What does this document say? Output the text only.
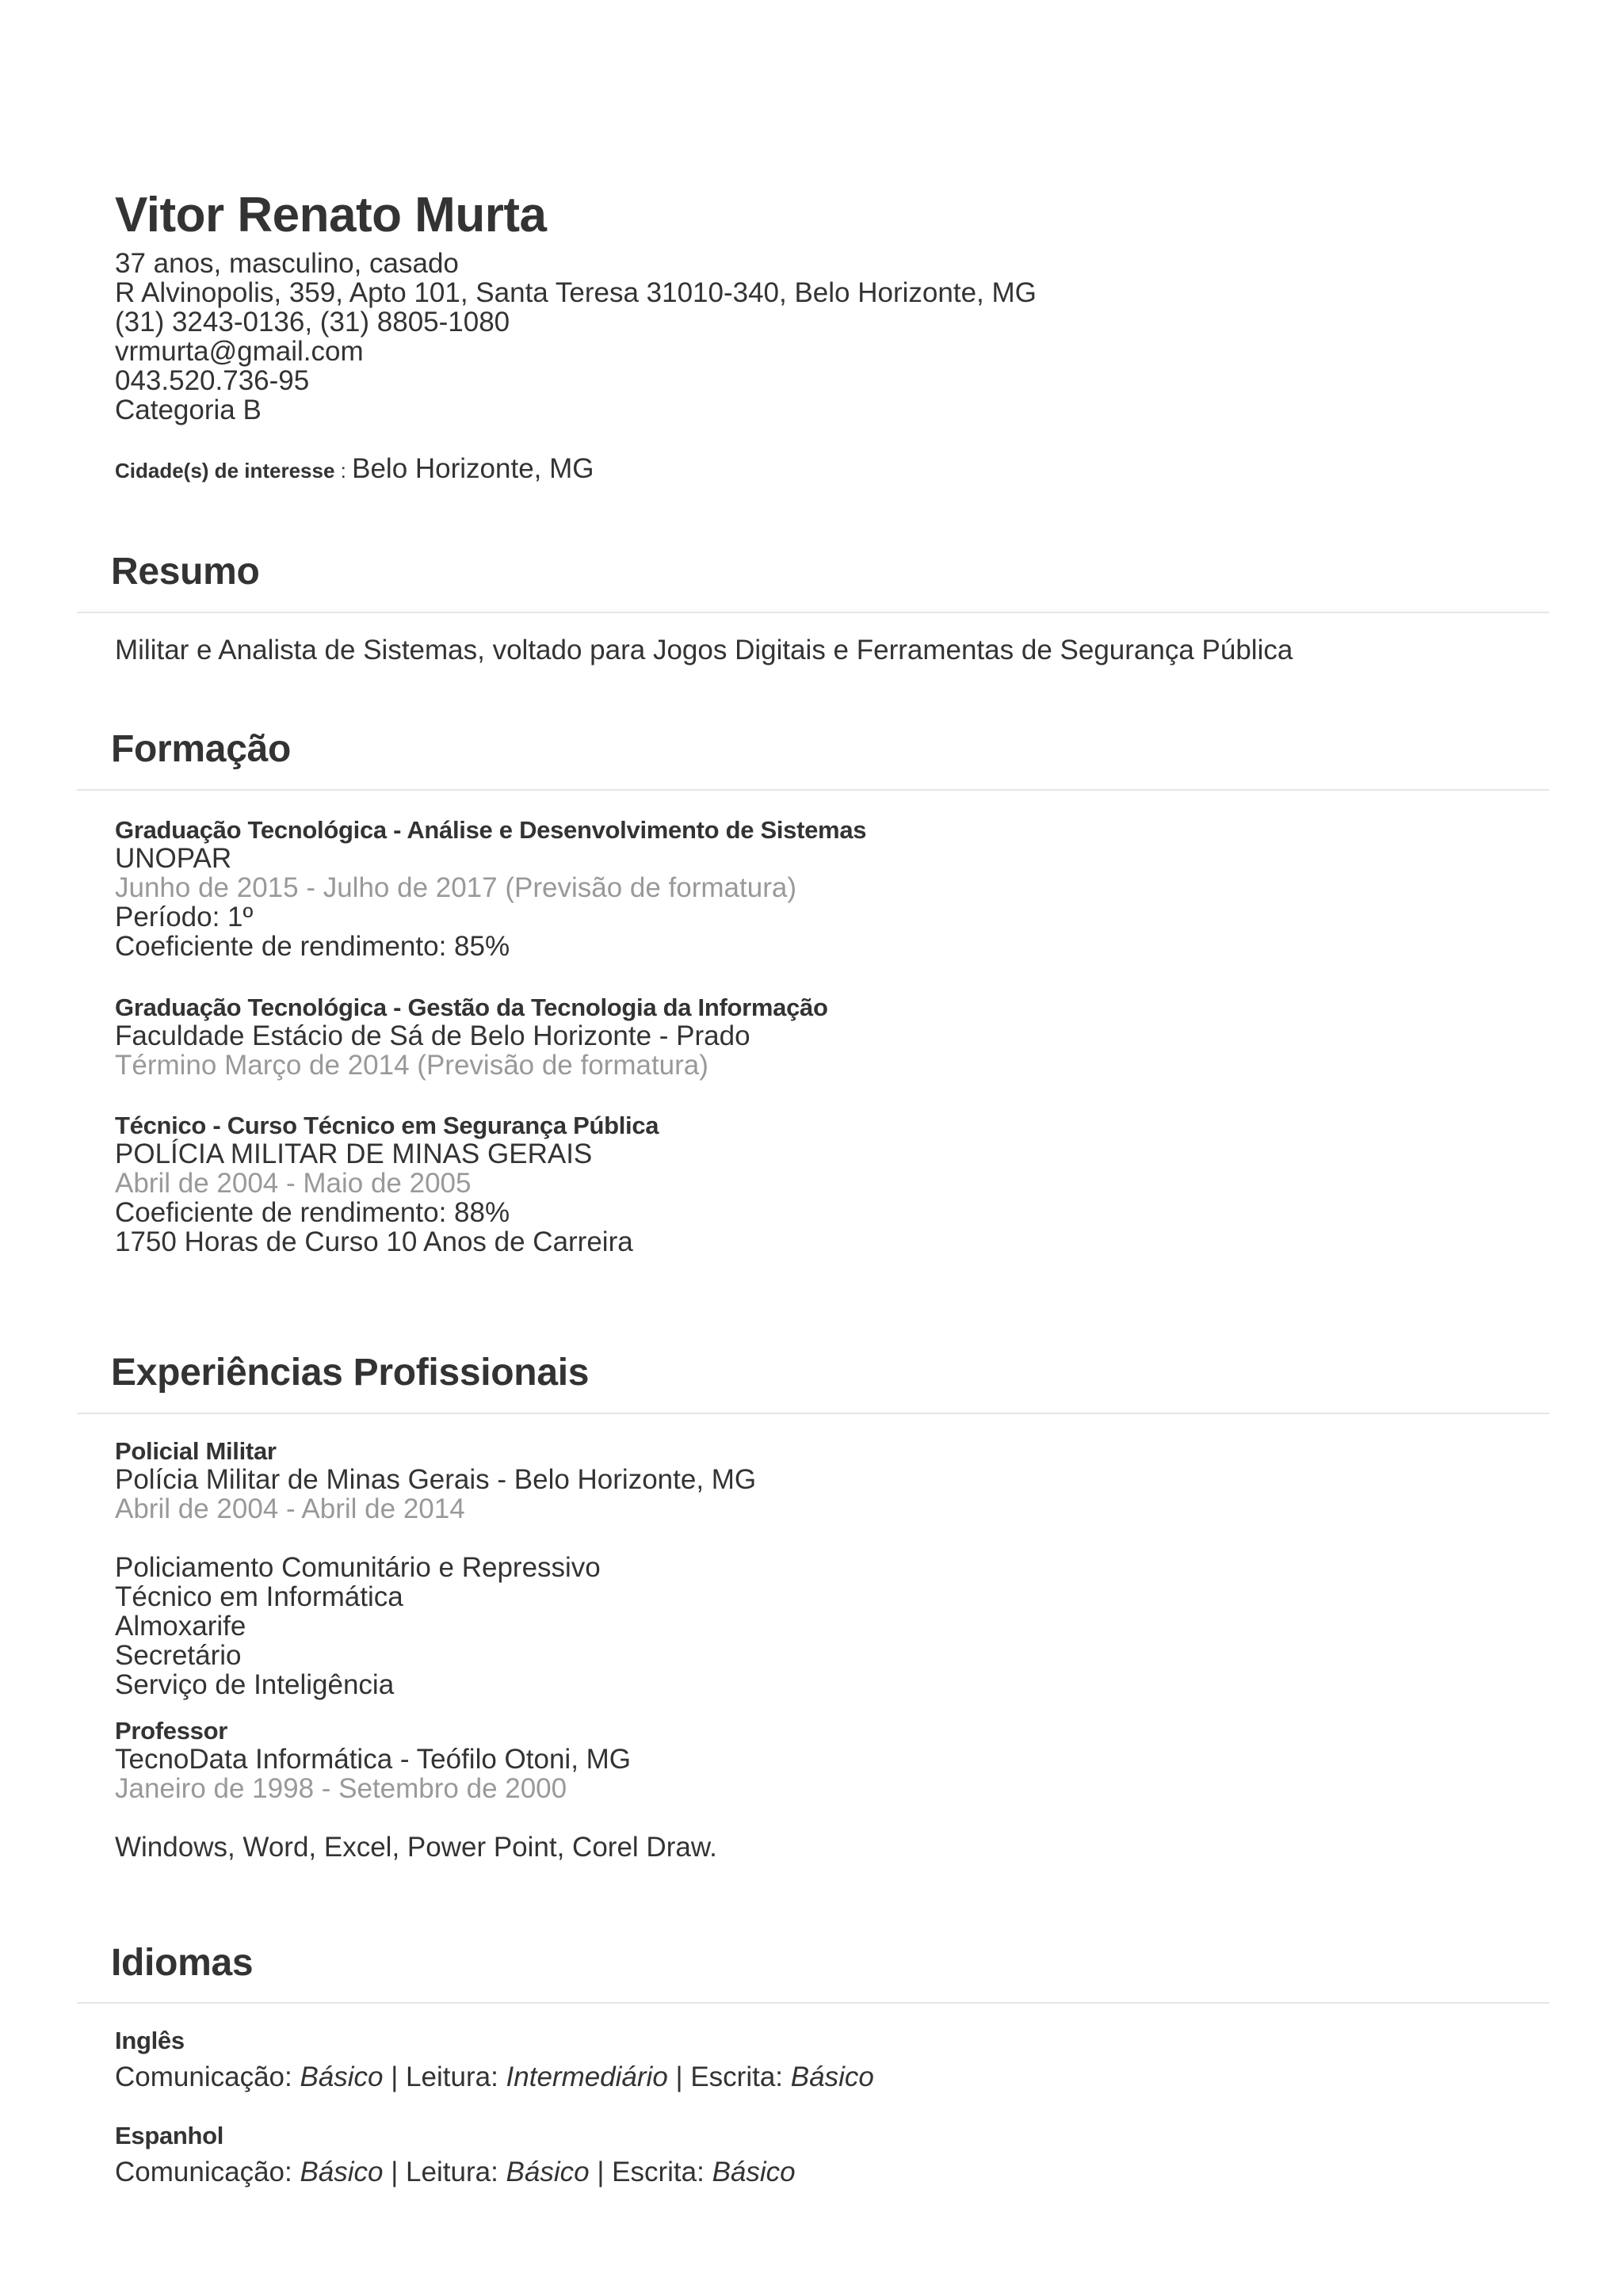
Vitor Renato Murta
37 anos, masculino, casado
R Alvinopolis, 359, Apto 101, Santa Teresa 31010-340, Belo Horizonte, MG
(31) 3243-0136, (31) 8805-1080
vrmurta@gmail.com
043.520.736-95
Categoria B
Cidade(s) de interesse : Belo Horizonte, MG
Resumo
Militar e Analista de Sistemas, voltado para Jogos Digitais e Ferramentas de Segurança Pública
Formação
Graduação Tecnológica - Análise e Desenvolvimento de Sistemas
UNOPAR
Junho de 2015 - Julho de 2017 (Previsão de formatura)
Período: 1º
Coeficiente de rendimento: 85%
Graduação Tecnológica - Gestão da Tecnologia da Informação
Faculdade Estácio de Sá de Belo Horizonte - Prado
Término Março de 2014 (Previsão de formatura)
Técnico - Curso Técnico em Segurança Pública
POLÍCIA MILITAR DE MINAS GERAIS
Abril de 2004 - Maio de 2005
Coeficiente de rendimento: 88%
1750 Horas de Curso 10 Anos de Carreira
Experiências Profissionais
Policial Militar
Polícia Militar de Minas Gerais - Belo Horizonte, MG
Abril de 2004 - Abril de 2014
Policiamento Comunitário e Repressivo
Técnico em Informática
Almoxarife
Secretário
Serviço de Inteligência
Professor
TecnoData Informática - Teófilo Otoni, MG
Janeiro de 1998 - Setembro de 2000
Windows, Word, Excel, Power Point, Corel Draw.
Idiomas
Inglês
Comunicação: Básico | Leitura: Intermediário | Escrita: Básico
Espanhol
Comunicação: Básico | Leitura: Básico | Escrita: Básico
